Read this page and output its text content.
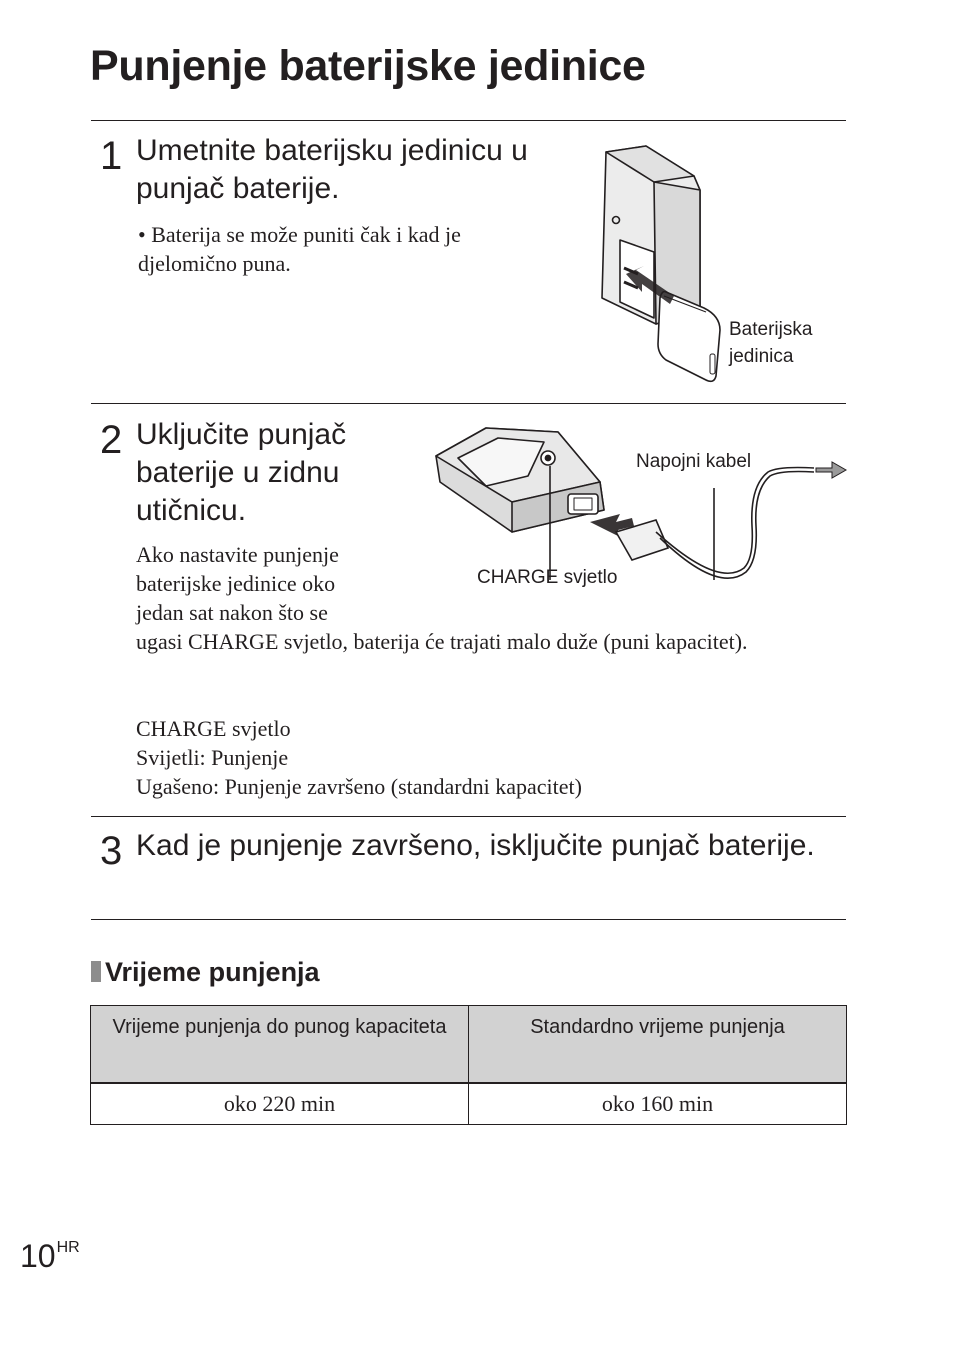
Punjenje baterijske jedinice
1 Umetnite baterijsku jedinicu u punjač baterije.
• Baterija se može puniti čak i kad je djelomično puna.
Baterijska jedinica
2 Uključite punjač baterije u zidnu utičnicu.
Napojni kabel
CHARGE svjetlo
Ako nastavite punjenje
baterijske jedinice oko
jedan sat nakon što se
ugasi CHARGE svjetlo, baterija će trajati malo duže (puni kapacitet).
CHARGE svjetlo
Svijetli: Punjenje
Ugašeno: Punjenje završeno (standardni kapacitet)
3 Kad je punjenje završeno, isključite punjač baterije.
Vrijeme punjenja
Vrijeme punjenja do punog kapaciteta	Standardno vrijeme punjenja
oko 220 min	oko 160 min
$10^{HR}$
